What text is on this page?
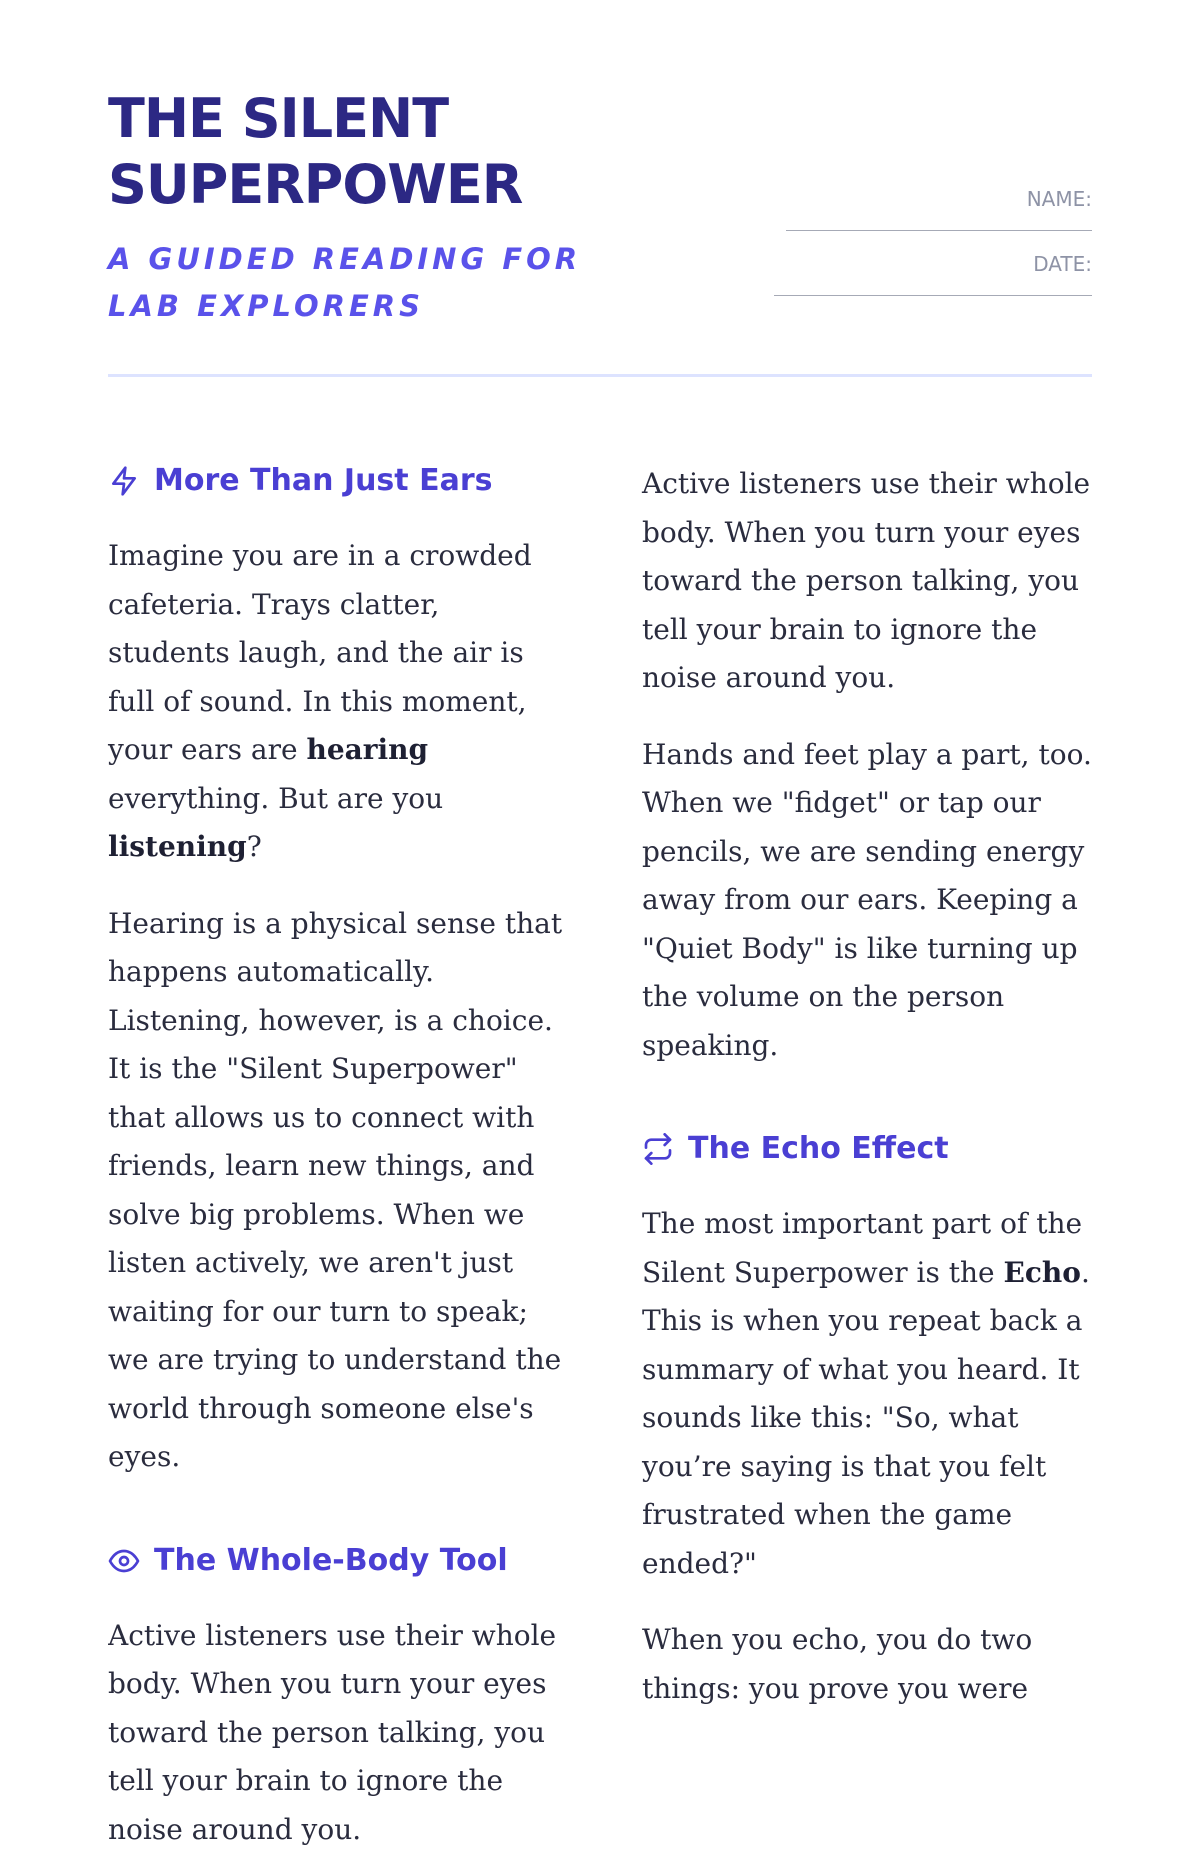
THE SILENT SUPERPOWER
A GUIDED READING FOR LAB EXPLORERS
NAME:
DATE:
More Than Just Ears

Imagine you are in a crowded cafeteria. Trays clatter, students laugh, and the air is full of sound. In this moment, your ears are hearing everything. But are you listening?

Hearing is a physical sense that happens automatically. Listening, however, is a choice. It is the "Silent Superpower" that allows us to connect with friends, learn new things, and solve big problems. When we listen actively, we aren't just waiting for our turn to speak; we are trying to understand the world through someone else's eyes.

The Whole-Body Tool

Active listeners use their whole body. When you turn your eyes toward the person talking, you tell your brain to ignore the noise around you.

Active listeners use their whole body. When you turn your eyes toward the person talking, you tell your brain to ignore the noise around you.

Hands and feet play a part, too. When we "fidget" or tap our pencils, we are sending energy away from our ears. Keeping a "Quiet Body" is like turning up the volume on the person speaking.

The Echo Effect

The most important part of the Silent Superpower is the Echo. This is when you repeat back a summary of what you heard. It sounds like this: "So, what you’re saying is that you felt frustrated when the game ended?"

When you echo, you do two things: you prove you were
